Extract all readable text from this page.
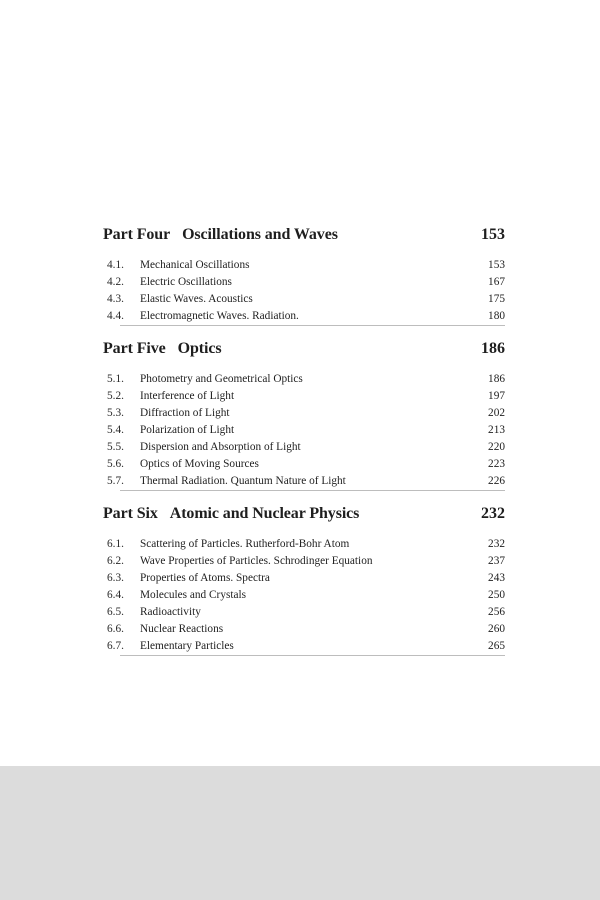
Part Four Oscillations and Waves	153
4.1.	Mechanical Oscillations	153
4.2.	Electric Oscillations	167
4.3.	Elastic Waves. Acoustics	175
4.4.	Electromagnetic Waves. Radiation.	180
Part Five Optics	186
5.1.	Photometry and Geometrical Optics	186
5.2.	Interference of Light	197
5.3.	Diffraction of Light	202
5.4.	Polarization of Light	213
5.5.	Dispersion and Absorption of Light	220
5.6.	Optics of Moving Sources	223
5.7.	Thermal Radiation. Quantum Nature of Light	226
Part Six Atomic and Nuclear Physics	232
6.1.	Scattering of Particles. Rutherford-Bohr Atom	232
6.2.	Wave Properties of Particles. Schrodinger Equation	237
6.3.	Properties of Atoms. Spectra	243
6.4.	Molecules and Crystals	250
6.5.	Radioactivity	256
6.6.	Nuclear Reactions	260
6.7.	Elementary Particles	265
